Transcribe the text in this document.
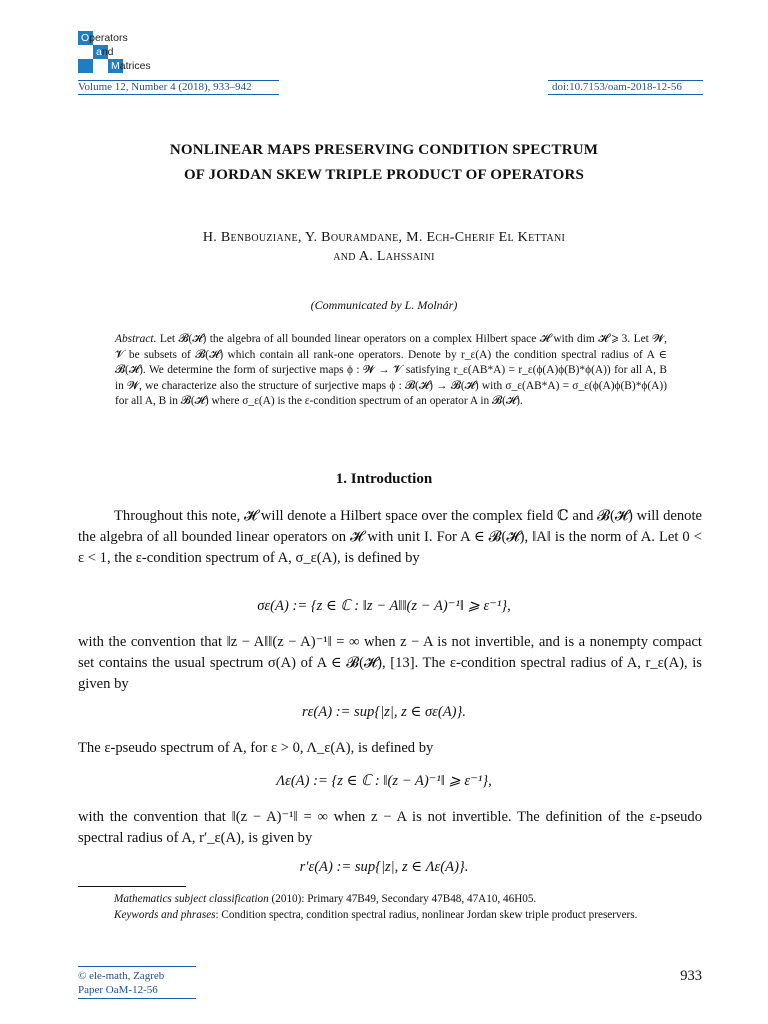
Operators
and
Matrices
Volume 12, Number 4 (2018), 933–942	doi:10.7153/oam-2018-12-56
NONLINEAR MAPS PRESERVING CONDITION SPECTRUM
OF JORDAN SKEW TRIPLE PRODUCT OF OPERATORS
H. Benbouziane, Y. Bouramdane, M. Ech-Cherif El Kettani
and A. Lahssaini
(Communicated by L. Molnár)
Abstract. Let 𝓑(𝓗) the algebra of all bounded linear operators on a complex Hilbert space 𝓗 with dim 𝓗 ⩾ 3. Let 𝓦, 𝓥 be subsets of 𝓑(𝓗) which contain all rank-one operators. Denote by r_ε(A) the condition spectral radius of A ∈ 𝓑(𝓗). We determine the form of surjective maps ϕ : 𝓦 → 𝓥 satisfying r_ε(AB*A) = r_ε(ϕ(A)ϕ(B)*ϕ(A)) for all A, B in 𝓦, we characterize also the structure of surjective maps ϕ : 𝓑(𝓗) → 𝓑(𝓗) with σ_ε(AB*A) = σ_ε(ϕ(A)ϕ(B)*ϕ(A)) for all A, B in 𝓑(𝓗) where σ_ε(A) is the ε-condition spectrum of an operator A in 𝓑(𝓗).
1. Introduction
Throughout this note, 𝓗 will denote a Hilbert space over the complex field ℂ and 𝓑(𝓗) will denote the algebra of all bounded linear operators on 𝓗 with unit I. For A ∈ 𝓑(𝓗), ‖A‖ is the norm of A. Let 0 < ε < 1, the ε-condition spectrum of A, σ_ε(A), is defined by
σε(A) := {z ∈ ℂ : ‖z − A‖‖(z − A)⁻¹‖ ⩾ ε⁻¹},
with the convention that ‖z − A‖‖(z − A)⁻¹‖ = ∞ when z − A is not invertible, and is a nonempty compact set contains the usual spectrum σ(A) of A ∈ 𝓑(𝓗), [13]. The ε-condition spectral radius of A, r_ε(A), is given by
rε(A) := sup{|z|, z ∈ σε(A)}.
The ε-pseudo spectrum of A, for ε > 0, Λ_ε(A), is defined by
Λε(A) := {z ∈ ℂ : ‖(z − A)⁻¹‖ ⩾ ε⁻¹},
with the convention that ‖(z − A)⁻¹‖ = ∞ when z − A is not invertible. The definition of the ε-pseudo spectral radius of A, r′_ε(A), is given by
r′ε(A) := sup{|z|, z ∈ Λε(A)}.
Mathematics subject classification (2010): Primary 47B49, Secondary 47B48, 47A10, 46H05.
Keywords and phrases: Condition spectra, condition spectral radius, nonlinear Jordan skew triple product preservers.
© ele-math, Zagreb
Paper OaM-12-56
933
